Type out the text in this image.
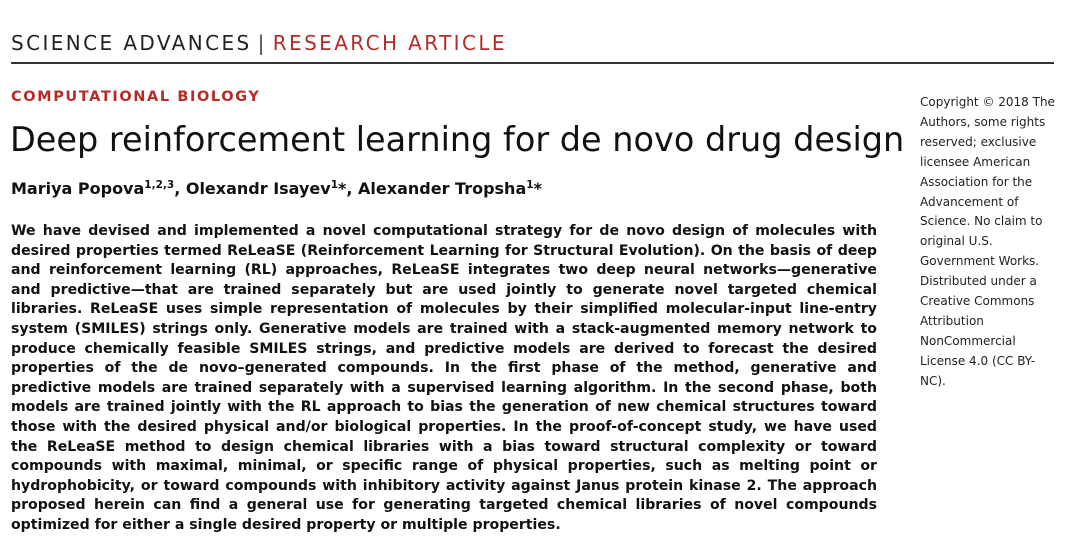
SCIENCE ADVANCES | RESEARCH ARTICLE
COMPUTATIONAL BIOLOGY
Deep reinforcement learning for de novo drug design
Mariya Popova$^{1,2,3}$, Olexandr Isayev$^1$*, Alexander Tropsha$^1$*

We have devised and implemented a novel computational strategy for de novo design of molecules with desired properties termed ReLeaSE (Reinforcement Learning for Structural Evolution). On the basis of deep and reinforcement learning (RL) approaches, ReLeaSE integrates two deep neural networks—generative and predictive—that are trained separately but are used jointly to generate novel targeted chemical libraries. ReLeaSE uses simple representation of molecules by their simplified molecular-input line-entry system (SMILES) strings only. Generative models are trained with a stack-augmented memory network to produce chemically feasible SMILES strings, and predictive models are derived to forecast the desired properties of the de novo–generated compounds. In the first phase of the method, generative and predictive models are trained separately with a supervised learning algorithm. In the second phase, both models are trained jointly with the RL approach to bias the generation of new chemical structures toward those with the desired physical and/or biological properties. In the proof-of-concept study, we have used the ReLeaSE method to design chemical libraries with a bias toward structural complexity or toward compounds with maximal, minimal, or specific range of physical properties, such as melting point or hydrophobicity, or toward compounds with inhibitory activity against Janus protein kinase 2. The approach proposed herein can find a general use for generating targeted chemical libraries of novel compounds optimized for either a single desired property or multiple properties.

Copyright © 2018 The Authors, some rights reserved; exclusive licensee American Association for the Advancement of Science. No claim to original U.S. Government Works. Distributed under a Creative Commons Attribution NonCommercial License 4.0 (CC BY-NC).
